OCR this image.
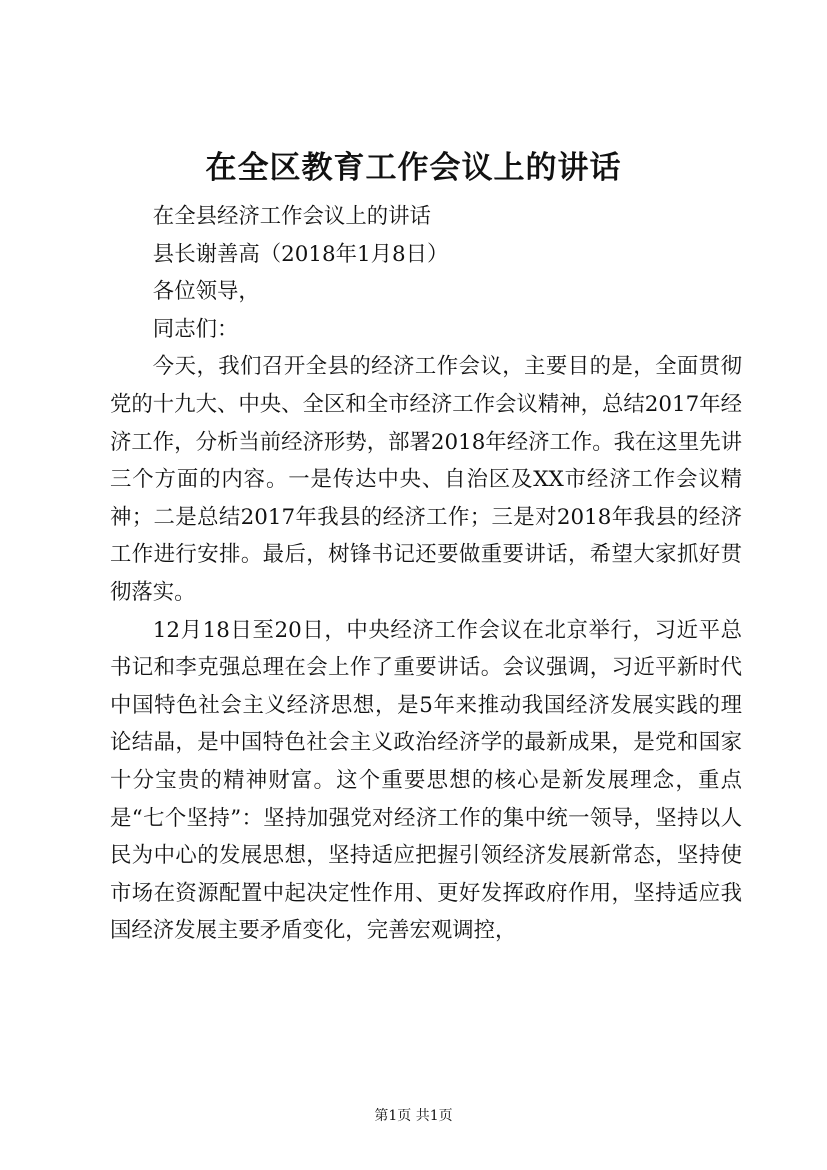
在全区教育工作会议上的讲话

在全县经济工作会议上的讲话

县长谢善高（2018年1月8日）

各位领导，

同志们：

今天，我们召开全县的经济工作会议，主要目的是，全面贯彻党的十九大、中央、全区和全市经济工作会议精神，总结2017年经济工作，分析当前经济形势，部署2018年经济工作。我在这里先讲三个方面的内容。一是传达中央、自治区及XX市经济工作会议精神；二是总结2017年我县的经济工作；三是对2018年我县的经济工作进行安排。最后，树锋书记还要做重要讲话，希望大家抓好贯彻落实。

12月18日至20日，中央经济工作会议在北京举行，习近平总书记和李克强总理在会上作了重要讲话。会议强调，习近平新时代中国特色社会主义经济思想，是5年来推动我国经济发展实践的理论结晶，是中国特色社会主义政治经济学的最新成果，是党和国家十分宝贵的精神财富。这个重要思想的核心是新发展理念，重点是“七个坚持”：坚持加强党对经济工作的集中统一领导，坚持以人民为中心的发展思想，坚持适应把握引领经济发展新常态，坚持使市场在资源配置中起决定性作用、更好发挥政府作用，坚持适应我国经济发展主要矛盾变化，完善宏观调控，

第1页 共1页
